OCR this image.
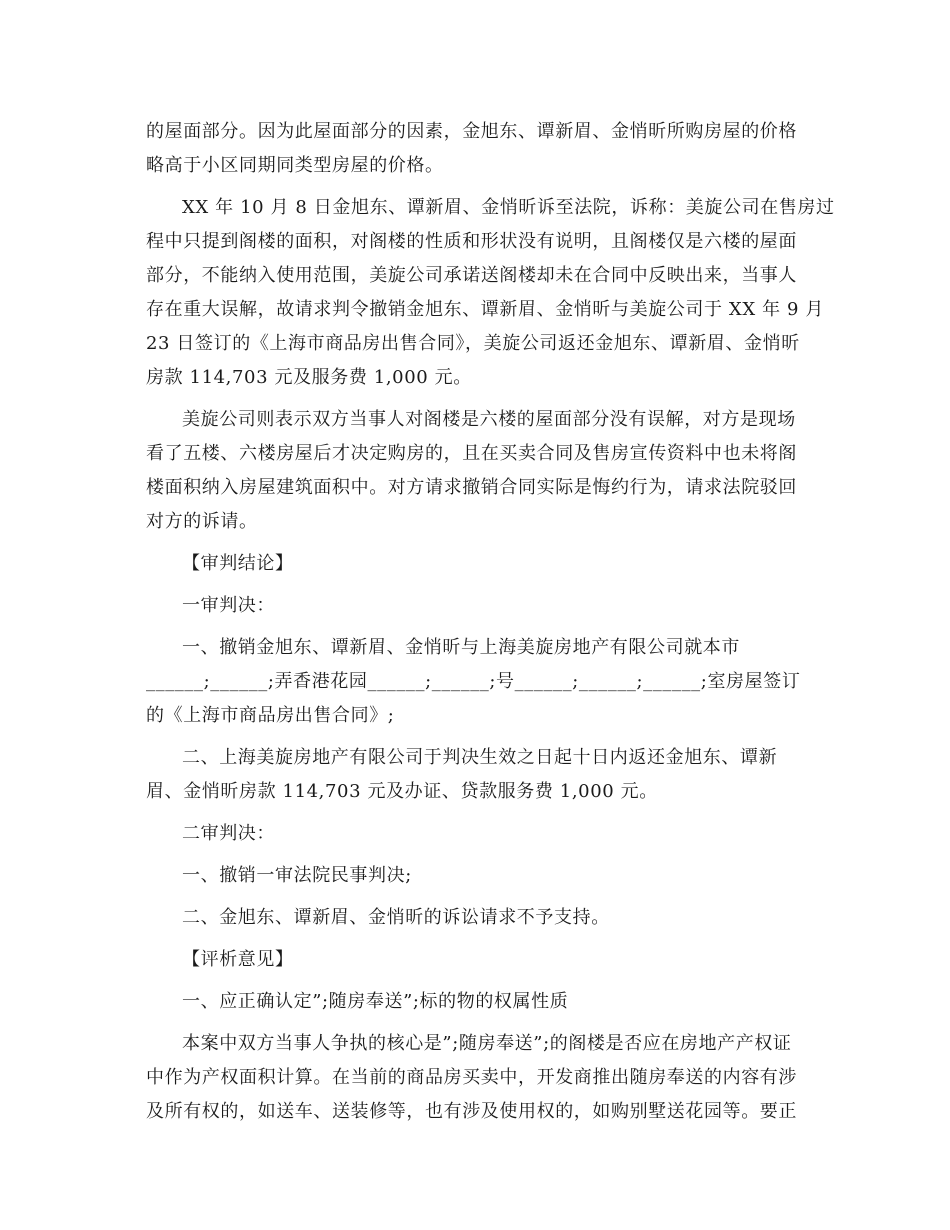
的屋面部分。因为此屋面部分的因素，金旭东、谭新眉、金悄昕所购房屋的价格
略高于小区同期同类型房屋的价格。
XX 年 10 月 8 日金旭东、谭新眉、金悄昕诉至法院，诉称：美旋公司在售房过
程中只提到阁楼的面积，对阁楼的性质和形状没有说明，且阁楼仅是六楼的屋面
部分，不能纳入使用范围，美旋公司承诺送阁楼却未在合同中反映出来，当事人
存在重大误解，故请求判令撤销金旭东、谭新眉、金悄昕与美旋公司于 XX 年 9 月
23 日签订的《上海市商品房出售合同》，美旋公司返还金旭东、谭新眉、金悄昕
房款 114,703 元及服务费 1,000 元。
美旋公司则表示双方当事人对阁楼是六楼的屋面部分没有误解，对方是现场
看了五楼、六楼房屋后才决定购房的，且在买卖合同及售房宣传资料中也未将阁
楼面积纳入房屋建筑面积中。对方请求撤销合同实际是悔约行为，请求法院驳回
对方的诉请。
【审判结论】
一审判决：
一、撤销金旭东、谭新眉、金悄昕与上海美旋房地产有限公司就本市
______;______;弄香港花园______;______;号______;______;______;室房屋签订
的《上海市商品房出售合同》;
二、上海美旋房地产有限公司于判决生效之日起十日内返还金旭东、谭新
眉、金悄昕房款 114,703 元及办证、贷款服务费 1,000 元。
二审判决：
一、撤销一审法院民事判决;
二、金旭东、谭新眉、金悄昕的诉讼请求不予支持。
【评析意见】
一、应正确认定”;随房奉送”;标的物的权属性质
本案中双方当事人争执的核心是”;随房奉送”;的阁楼是否应在房地产产权证
中作为产权面积计算。在当前的商品房买卖中，开发商推出随房奉送的内容有涉
及所有权的，如送车、送装修等，也有涉及使用权的，如购别墅送花园等。要正
